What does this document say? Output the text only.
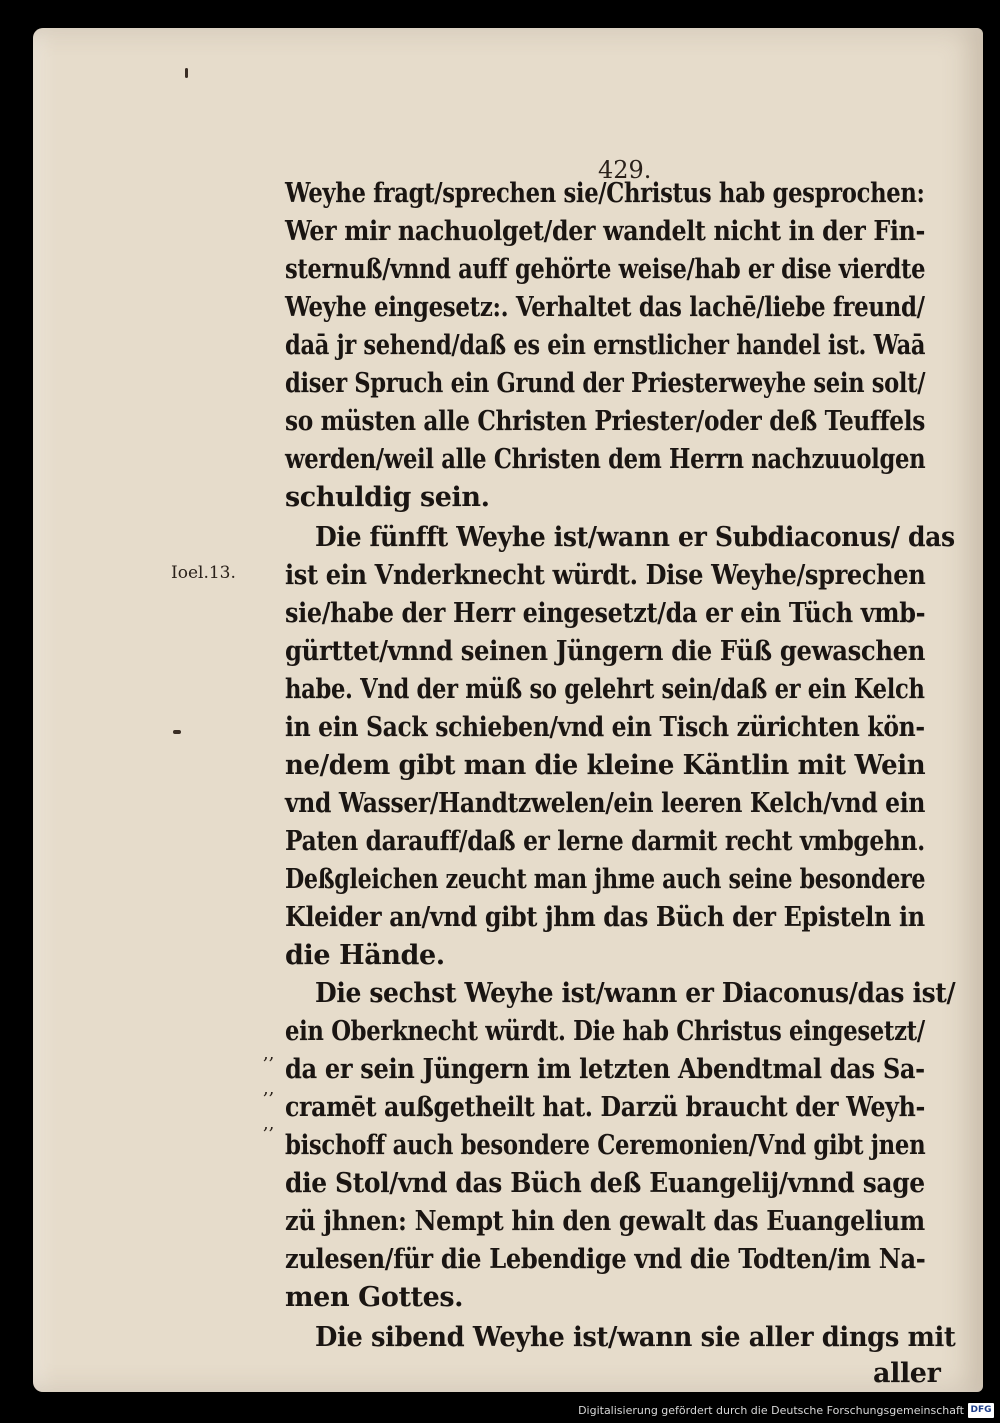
429.
Weyhe fragt/sprechen sie/Christus hab gesprochen:
Wer mir nachuolget/der wandelt nicht in der Fin‑
sternuß/vnnd auff gehörte weise/hab er dise vierdte
Weyhe eingesetz:. Verhaltet das lachē/liebe freund/
daā jr sehend/daß es ein ernstlicher handel ist. Waā
diser Spruch ein Grund der Priesterweyhe sein solt/
so müsten alle Christen Priester/oder deß Teuffels
werden/weil alle Christen dem Herrn nachzuuolgen
schuldig sein.
Die fünfft Weyhe ist/wann er Subdiaconus/ das
ist ein Vnderknecht würdt. Dise Weyhe/sprechen
sie/habe der Herr eingesetzt/da er ein Tüch vmb‑
gürttet/vnnd seinen Jüngern die Füß gewaschen
habe. Vnd der müß so gelehrt sein/daß er ein Kelch
in ein Sack schieben/vnd ein Tisch zürichten kön‑
ne/dem gibt man die kleine Käntlin mit Wein
vnd Wasser/Handtzwelen/ein leeren Kelch/vnd ein
Paten darauff/daß er lerne darmit recht vmbgehn.
Deßgleichen zeucht man jhme auch seine besondere
Kleider an/vnd gibt jhm das Büch der Episteln in
die Hände.
Die sechst Weyhe ist/wann er Diaconus/das ist/
ein Oberknecht würdt. Die hab Christus eingesetzt/
da er sein Jüngern im letzten Abendtmal das Sa‑
cramēt außgetheilt hat. Darzü braucht der Weyh‑
bischoff auch besondere Ceremonien/Vnd gibt jnen
die Stol/vnd das Büch deß Euangelij/vnnd sage
zü jhnen: Nempt hin den gewalt das Euangelium
zulesen/für die Lebendige vnd die Todten/im Na‑
men Gottes.
Die sibend Weyhe ist/wann sie aller dings mit
aller
Ioel.13.
,,
,,
,,
Digitalisierung gefördert durch die Deutsche Forschungsgemeinschaft DFG
